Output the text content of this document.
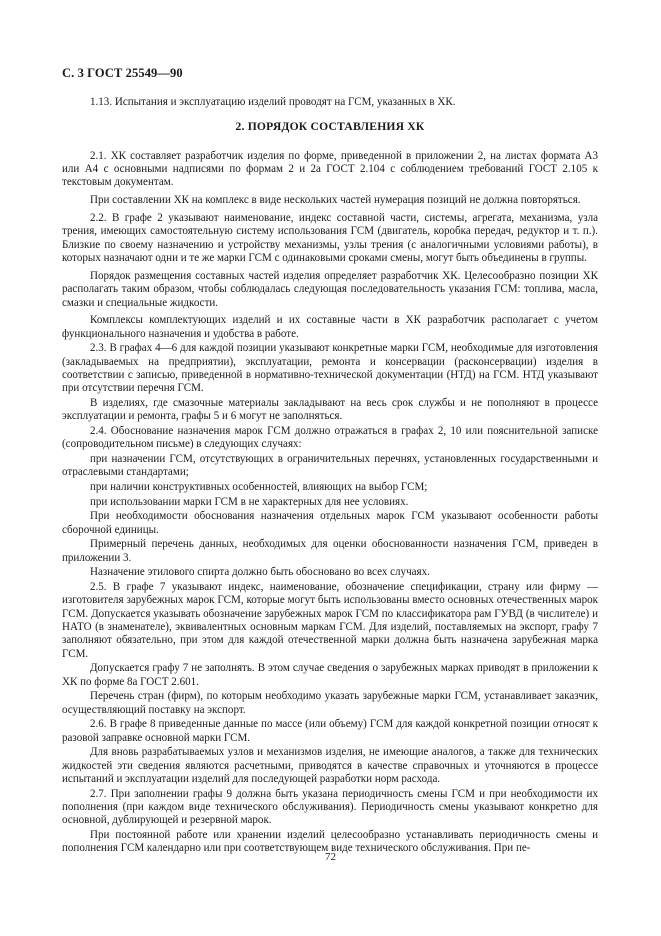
С. 3 ГОСТ 25549—90

1.13. Испытания и эксплуатацию изделий проводят на ГСМ, указанных в ХК.

2. ПОРЯДОК СОСТАВЛЕНИЯ ХК

2.1. ХК составляет разработчик изделия по форме, приведенной в приложении 2, на листах формата А3 или А4 с основными надписями по формам 2 и 2а ГОСТ 2.104 с соблюдением требований ГОСТ 2.105 к текстовым документам.

При составлении ХК на комплекс в виде нескольких частей нумерация позиций не должна повторяться.

2.2. В графе 2 указывают наименование, индекс составной части, системы, агрегата, механизма, узла трения, имеющих самостоятельную систему использования ГСМ (двигатель, коробка передач, редуктор и т. п.). Близкие по своему назначению и устройству механизмы, узлы трения (с аналогичными условиями работы), в которых назначают одни и те же марки ГСМ с одинаковыми сроками смены, могут быть объединены в группы.

Порядок размещения составных частей изделия определяет разработчик ХК. Целесообразно позиции ХК располагать таким образом, чтобы соблюдалась следующая последовательность указания ГСМ: топлива, масла, смазки и специальные жидкости.

Комплексы комплектующих изделий и их составные части в ХК разработчик располагает с учетом функционального назначения и удобства в работе.

2.3. В графах 4—6 для каждой позиции указывают конкретные марки ГСМ, необходимые для изготовления (закладываемых на предприятии), эксплуатации, ремонта и консервации (расконсервации) изделия в соответствии с записью, приведенной в нормативно-технической документации (НТД) на ГСМ. НТД указывают при отсутствии перечня ГСМ.

В изделиях, где смазочные материалы закладывают на весь срок службы и не пополняют в процессе эксплуатации и ремонта, графы 5 и 6 могут не заполняться.

2.4. Обоснование назначения марок ГСМ должно отражаться в графах 2, 10 или пояснительной записке (сопроводительном письме) в следующих случаях:

при назначении ГСМ, отсутствующих в ограничительных перечнях, установленных государственными и отраслевыми стандартами;

при наличии конструктивных особенностей, влияющих на выбор ГСМ;

при использовании марки ГСМ в не характерных для нее условиях.

При необходимости обоснования назначения отдельных марок ГСМ указывают особенности работы сборочной единицы.

Примерный перечень данных, необходимых для оценки обоснованности назначения ГСМ, приведен в приложении 3.

Назначение этилового спирта должно быть обосновано во всех случаях.

2.5. В графе 7 указывают индекс, наименование, обозначение спецификации, страну или фирму — изготовителя зарубежных марок ГСМ, которые могут быть использованы вместо основных отечественных марок ГСМ. Допускается указывать обозначение зарубежных марок ГСМ по классификатора рам ГУВД (в числителе) и НАТО (в знаменателе), эквивалентных основным маркам ГСМ. Для изделий, поставляемых на экспорт, графу 7 заполняют обязательно, при этом для каждой отечественной марки должна быть назначена зарубежная марка ГСМ.

Допускается графу 7 не заполнять. В этом случае сведения о зарубежных марках приводят в приложении к ХК по форме 8а ГОСТ 2.601.

Перечень стран (фирм), по которым необходимо указать зарубежные марки ГСМ, устанавливает заказчик, осуществляющий поставку на экспорт.

2.6. В графе 8 приведенные данные по массе (или объему) ГСМ для каждой конкретной позиции относят к разовой заправке основной марки ГСМ.

Для вновь разрабатываемых узлов и механизмов изделия, не имеющие аналогов, а также для технических жидкостей эти сведения являются расчетными, приводятся в качестве справочных и уточняются в процессе испытаний и эксплуатации изделий для последующей разработки норм расхода.

2.7. При заполнении графы 9 должна быть указана периодичность смены ГСМ и при необходимости их пополнения (при каждом виде технического обслуживания). Периодичность смены указывают конкретно для основной, дублирующей и резервной марок.

При постоянной работе или хранении изделий целесообразно устанавливать периодичность смены и пополнения ГСМ календарно или при соответствующем виде технического обслуживания. При пе-

72
